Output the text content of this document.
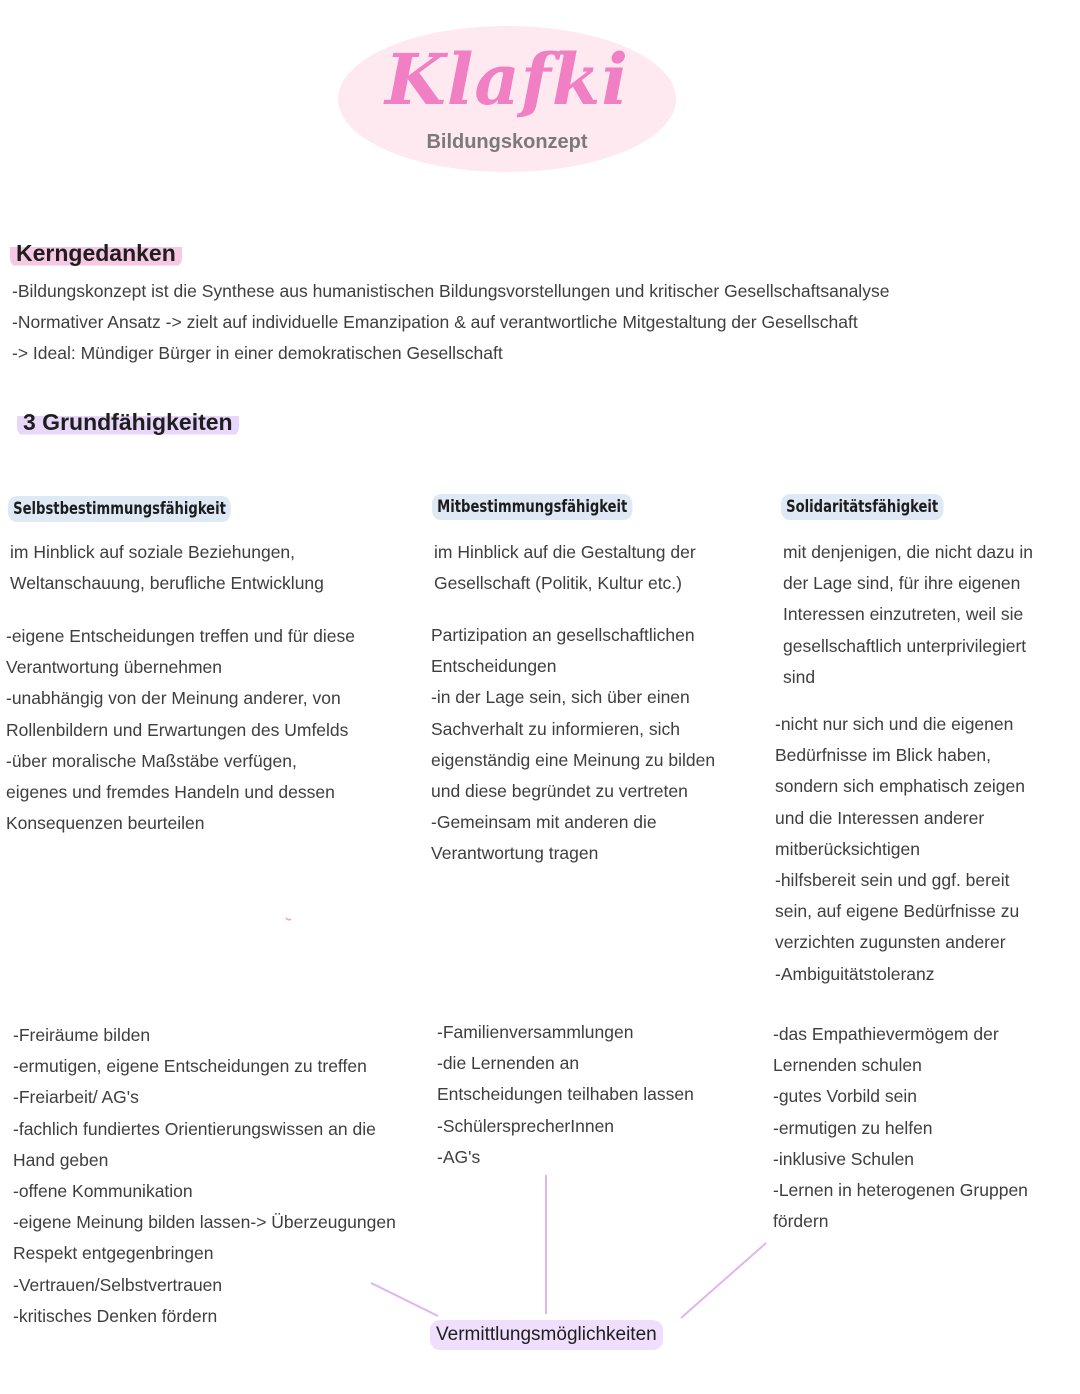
Klafki
Bildungskonzept
Kerngedanken
-Bildungskonzept ist die Synthese aus humanistischen Bildungsvorstellungen und kritischer Gesellschaftsanalyse
-Normativer Ansatz -> zielt auf individuelle Emanzipation & auf verantwortliche Mitgestaltung der Gesellschaft
-> Ideal: Mündiger Bürger in einer demokratischen Gesellschaft
3 Grundfähigkeiten
Selbstbestimmungsfähigkeit	Mitbestimmungsfähigkeit	Solidaritätsfähigkeit
im Hinblick auf soziale Beziehungen,
Weltanschauung, berufliche Entwicklung
-eigene Entscheidungen treffen und für diese
Verantwortung übernehmen
-unabhängig von der Meinung anderer, von
Rollenbildern und Erwartungen des Umfelds
-über moralische Maßstäbe verfügen,
eigenes und fremdes Handeln und dessen
Konsequenzen beurteilen
-Freiräume bilden
-ermutigen, eigene Entscheidungen zu treffen
-Freiarbeit/ AG's
-fachlich fundiertes Orientierungswissen an die
Hand geben
-offene Kommunikation
-eigene Meinung bilden lassen-> Überzeugungen
Respekt entgegenbringen
-Vertrauen/Selbstvertrauen
-kritisches Denken fördern
im Hinblick auf die Gestaltung der
Gesellschaft (Politik, Kultur etc.)
Partizipation an gesellschaftlichen
Entscheidungen
-in der Lage sein, sich über einen
Sachverhalt zu informieren, sich
eigenständig eine Meinung zu bilden
und diese begründet zu vertreten
-Gemeinsam mit anderen die
Verantwortung tragen
-Familienversammlungen
-die Lernenden an
Entscheidungen teilhaben lassen
-SchülersprecherInnen
-AG's
mit denjenigen, die nicht dazu in
der Lage sind, für ihre eigenen
Interessen einzutreten, weil sie
gesellschaftlich unterprivilegiert
sind
-nicht nur sich und die eigenen
Bedürfnisse im Blick haben,
sondern sich emphatisch zeigen
und die Interessen anderer
mitberücksichtigen
-hilfsbereit sein und ggf. bereit
sein, auf eigene Bedürfnisse zu
verzichten zugunsten anderer
-Ambiguitätstoleranz
-das Empathievermögem der
Lernenden schulen
-gutes Vorbild sein
-ermutigen zu helfen
-inklusive Schulen
-Lernen in heterogenen Gruppen
fördern
Vermittlungsmöglichkeiten
